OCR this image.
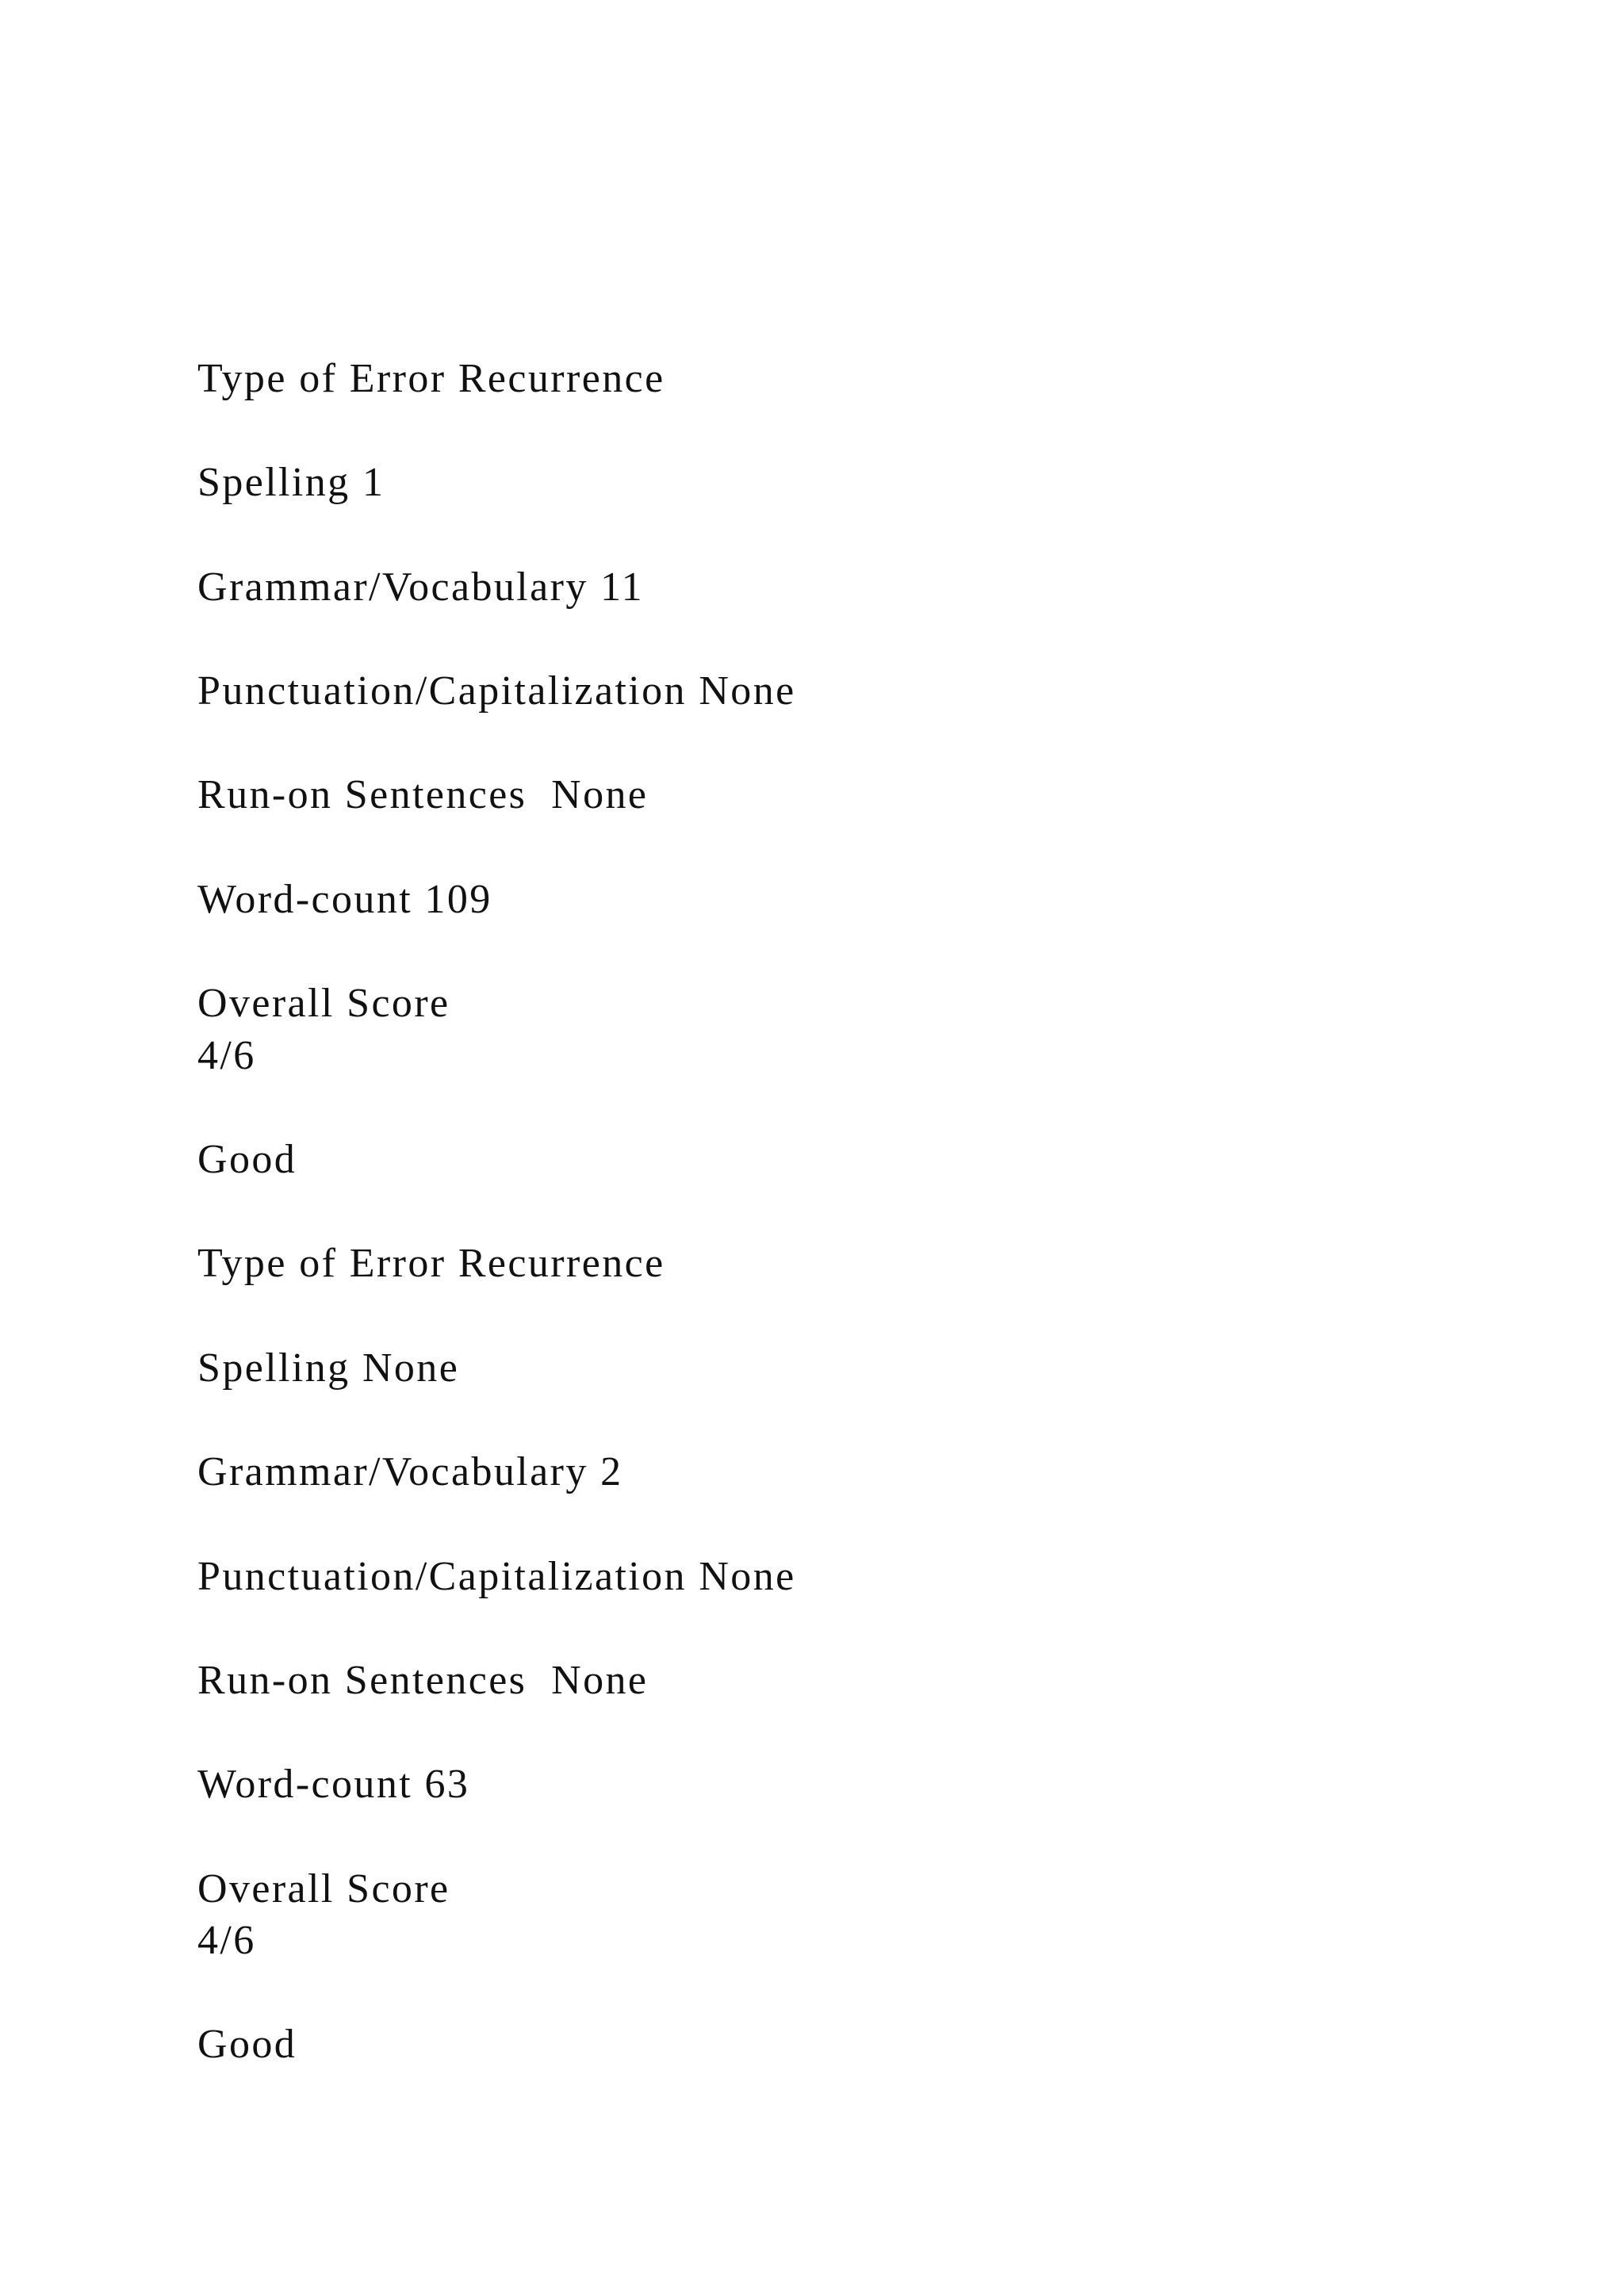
Type of Error Recurrence

Spelling 1

Grammar/Vocabulary 11

Punctuation/Capitalization None

Run-on Sentences  None

Word-count 109

Overall Score

4/6

Good

Type of Error Recurrence

Spelling None

Grammar/Vocabulary 2

Punctuation/Capitalization None

Run-on Sentences  None

Word-count 63

Overall Score

4/6

Good
